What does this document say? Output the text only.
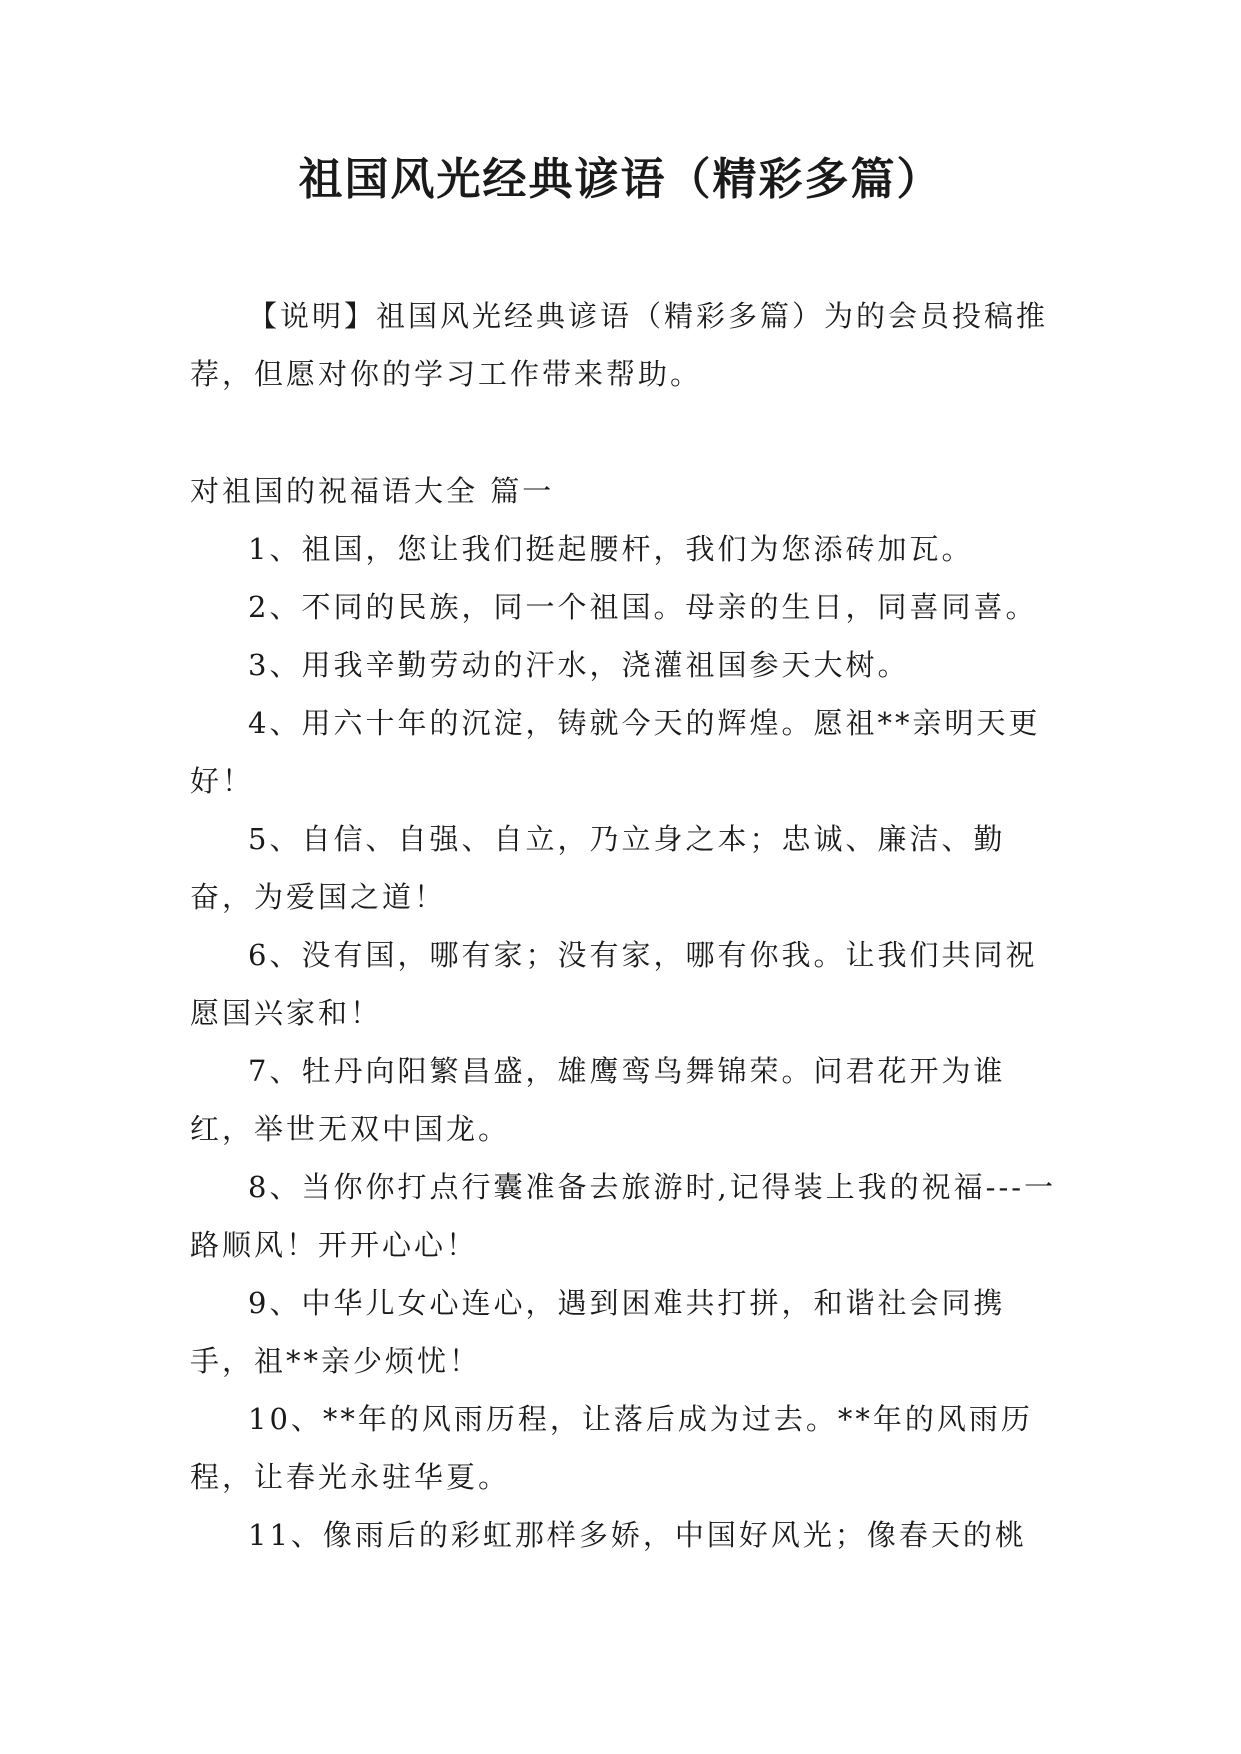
祖国风光经典谚语（精彩多篇）

【说明】祖国风光经典谚语（精彩多篇）为的会员投稿推荐，但愿对你的学习工作带来帮助。

对祖国的祝福语大全 篇一

1、祖国，您让我们挺起腰杆，我们为您添砖加瓦。

2、不同的民族，同一个祖国。母亲的生日，同喜同喜。

3、用我辛勤劳动的汗水，浇灌祖国参天大树。

4、用六十年的沉淀，铸就今天的辉煌。愿祖**亲明天更好！

5、自信、自强、自立，乃立身之本；忠诚、廉洁、勤奋，为爱国之道！

6、没有国，哪有家；没有家，哪有你我。让我们共同祝愿国兴家和！

7、牡丹向阳繁昌盛，雄鹰鸾鸟舞锦荣。问君花开为谁红，举世无双中国龙。

8、当你你打点行囊准备去旅游时,记得装上我的祝福---一路顺风！开开心心！

9、中华儿女心连心，遇到困难共打拼，和谐社会同携手，祖**亲少烦忧！

10、**年的风雨历程，让落后成为过去。**年的风雨历程，让春光永驻华夏。

11、像雨后的彩虹那样多娇，中国好风光；像春天的桃
